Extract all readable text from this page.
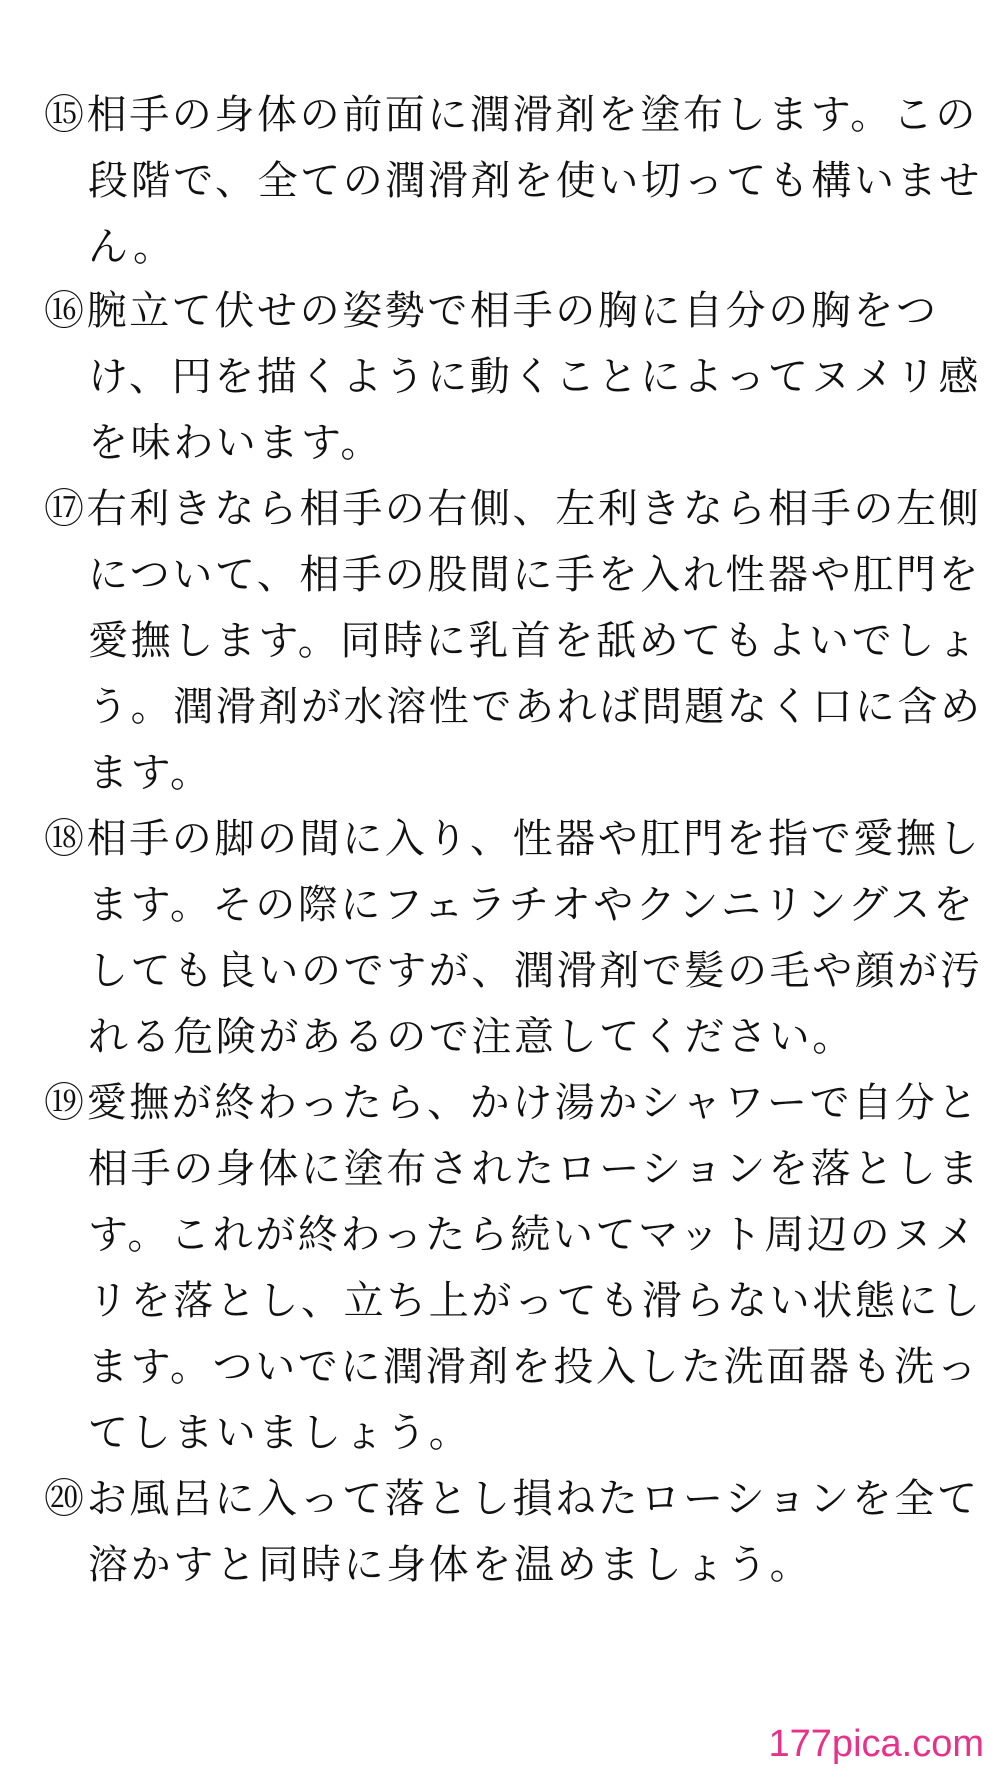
⑮相手の身体の前面に潤滑剤を塗布します。この

段階で、全ての潤滑剤を使い切っても構いませ

ん。

⑯腕立て伏せの姿勢で相手の胸に自分の胸をつ

け、円を描くように動くことによってヌメリ感

を味わいます。

⑰右利きなら相手の右側、左利きなら相手の左側

について、相手の股間に手を入れ性器や肛門を

愛撫します。同時に乳首を舐めてもよいでしょ

う。潤滑剤が水溶性であれば問題なく口に含め

ます。

⑱相手の脚の間に入り、性器や肛門を指で愛撫し

ます。その際にフェラチオやクンニリングスを

しても良いのですが、潤滑剤で髪の毛や顔が汚

れる危険があるので注意してください。

⑲愛撫が終わったら、かけ湯かシャワーで自分と

相手の身体に塗布されたローションを落としま

す。これが終わったら続いてマット周辺のヌメ

リを落とし、立ち上がっても滑らない状態にし

ます。ついでに潤滑剤を投入した洗面器も洗っ

てしまいましょう。

⑳お風呂に入って落とし損ねたローションを全て

溶かすと同時に身体を温めましょう。

177pica.com
